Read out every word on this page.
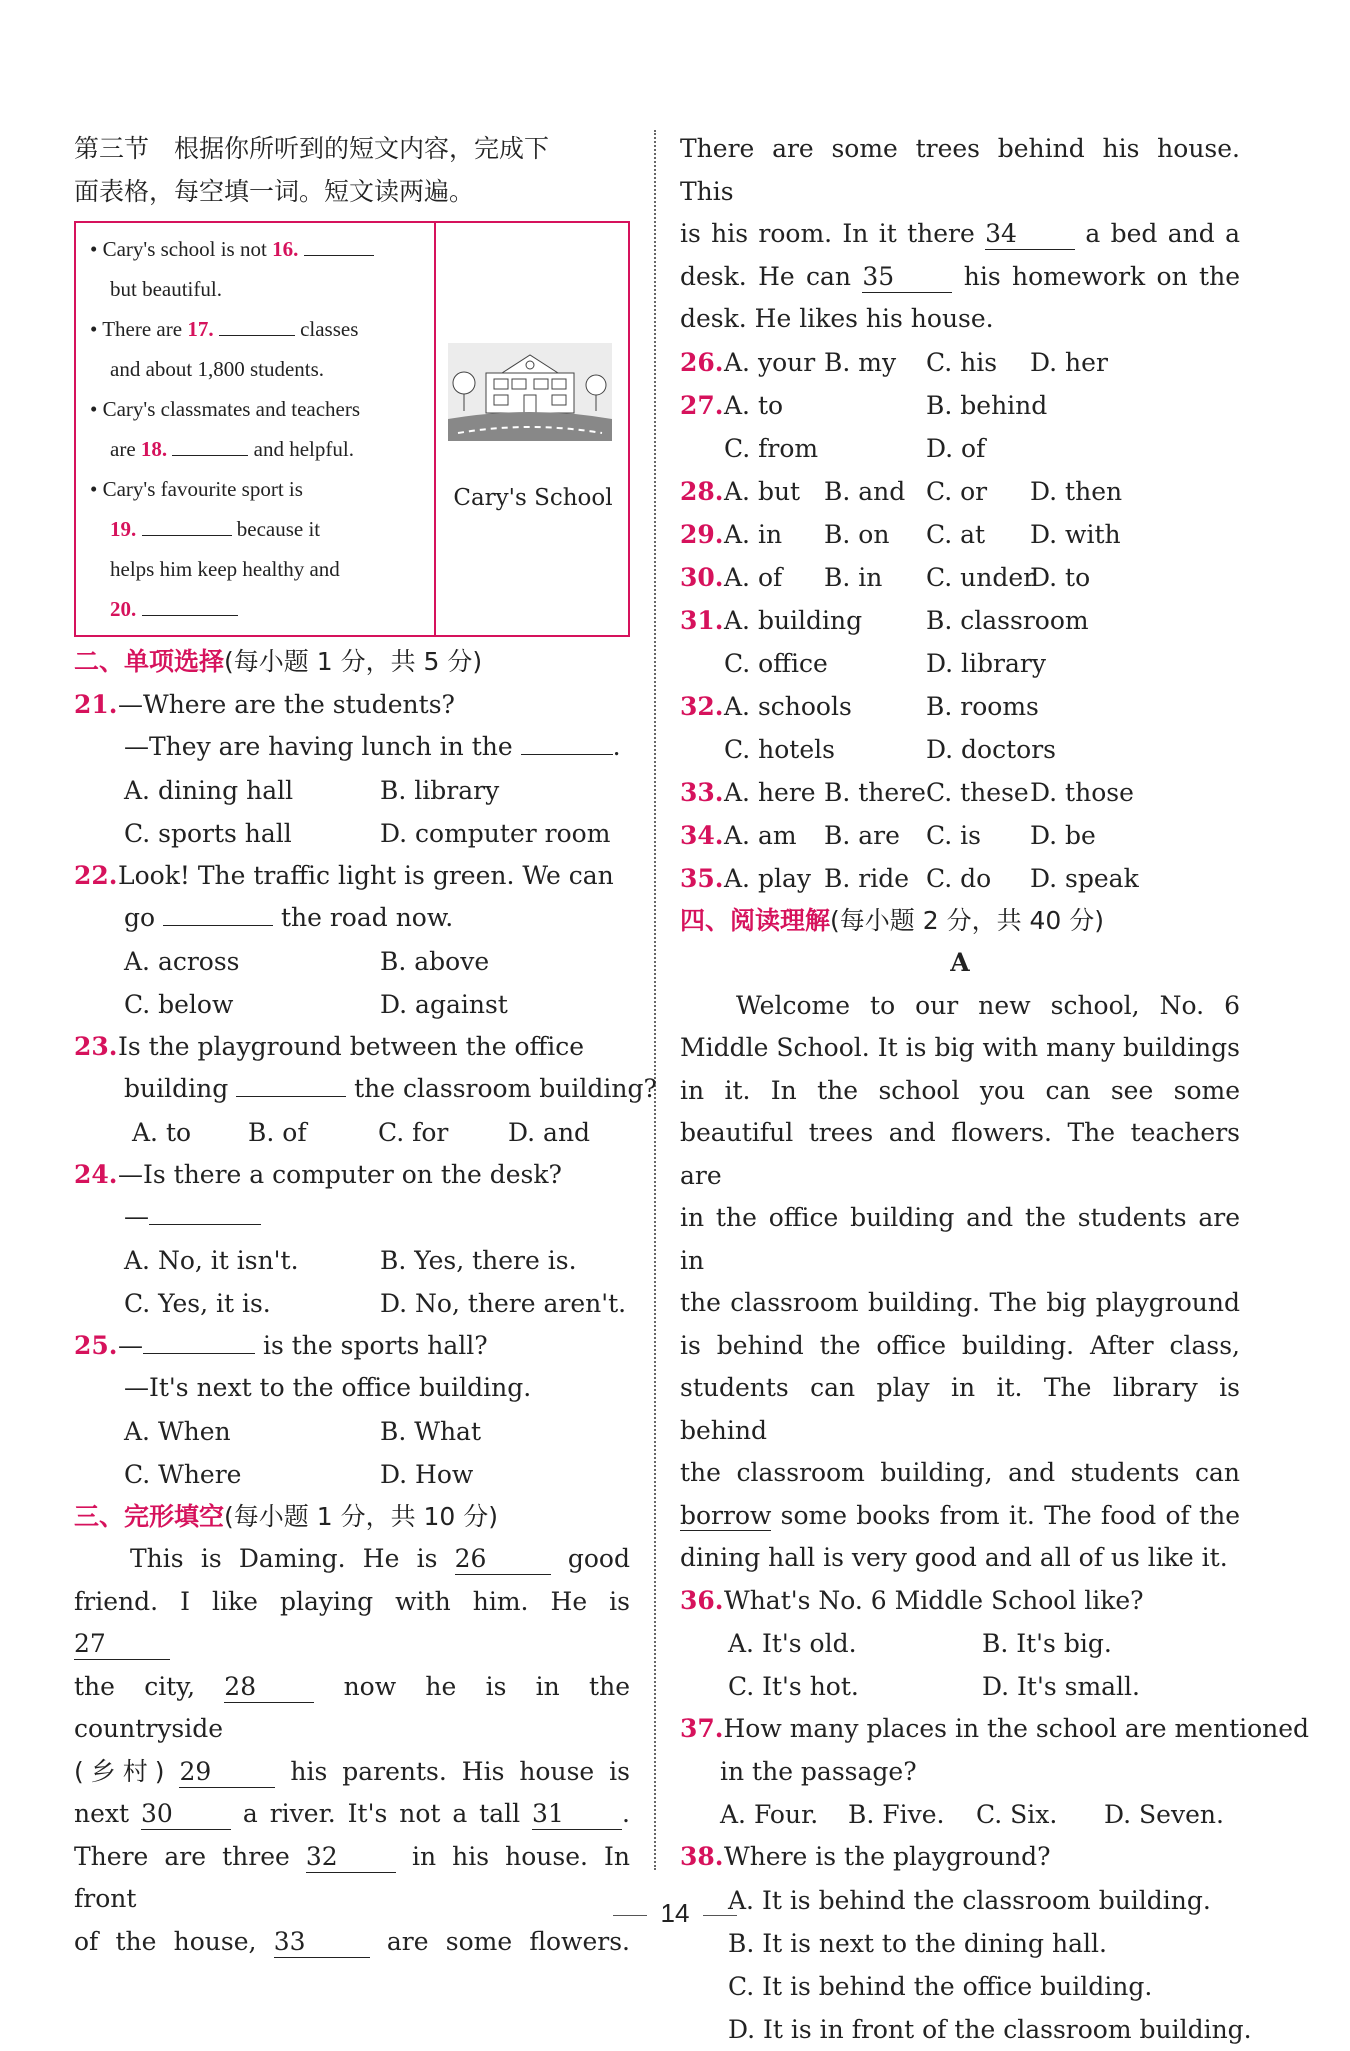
第三节　根据你所听到的短文内容，完成下
面表格，每空填一词。短文读两遍。
• Cary's school is not 16.
but beautiful.
• There are 17.	classes
and about 1,800 students.
• Cary's classmates and teachers
are 18.	and helpful.
• Cary's favourite sport is
19.	because it
helps him keep healthy and
20.
Cary's School
二、单项选择(每小题 1 分，共 5 分)
21.—Where are the students?
—They are having lunch in the	.
A. dining hall	B. library
C. sports hall	D. computer room
22.Look! The traffic light is green. We can
go	the road now.
A. across	B. above
C. below	D. against
23.Is the playground between the office
building	the classroom building?
A. to	B. of	C. for	D. and
24.—Is there a computer on the desk?
—
A. No, it isn't.	B. Yes, there is.
C. Yes, it is.	D. No, there aren't.
25.—	is the sports hall?
—It's next to the office building.
A. When	B. What
C. Where	D. How
三、完形填空(每小题 1 分，共 10 分)
This is Daming. He is 26	good
friend. I like playing with him. He is 27
the city, 28 now he is in the countryside
(乡村) 29	his parents. His house is
next 30 a river. It's not a tall 31 .
There are three 32 in his house. In front
of the house, 33	are some flowers.
There are some trees behind his house. This
is his room. In it there 34 a bed and a
desk. He can 35 his homework on the
desk. He likes his house.
26. A. your B. my	C. his	D. her
27. A. to	B. behind
C. from	D. of
28. A. but B. and C. or	D. then
29. A. in	B. on	C. at	D. with
30. A. of	B. in	C. under
D. to
31. A. building	B. classroom
C. office	D. library
32. A. schools	B. rooms
C. hotels	D. doctors
33. A. here B. there C. these D. those
34. A. am	B. are	C. is	D. be
35. A. play B. ride C. do	D. speak
四、阅读理解(每小题 2 分，共 40 分)
A
Welcome to our new school, No. 6
Middle School. It is big with many buildings
in it. In the school you can see some
beautiful trees and flowers. The teachers are
in the office building and the students are in
the classroom building. The big playground
is behind the office building. After class,
students can play in it. The library is behind
the classroom building, and students can
borrow some books from it. The food of the
dining hall is very good and all of us like it.
36.What's No. 6 Middle School like?
A. It's old.	B. It's big.
C. It's hot.	D. It's small.
37.How many places in the school are mentioned
in the passage?
A. Four.	B. Five.	C. Six.	D. Seven.
38.Where is the playground?
A. It is behind the classroom building.
B. It is next to the dining hall.
C. It is behind the office building.
D. It is in front of the classroom building.
14
